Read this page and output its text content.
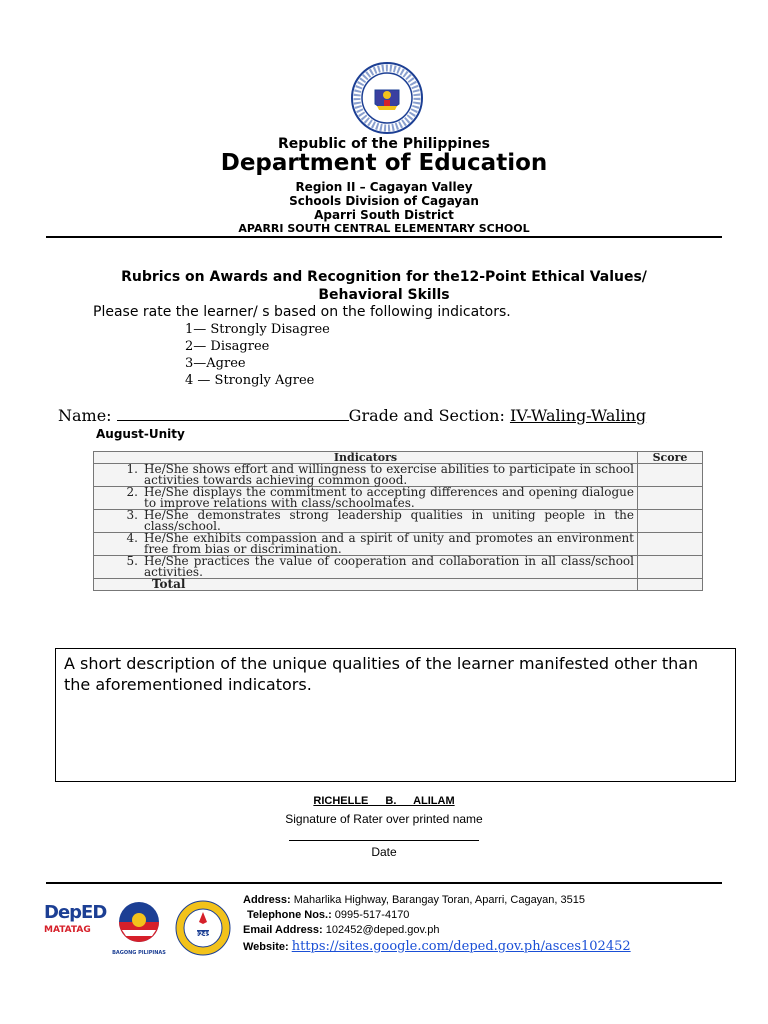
Republic of the Philippines
Department of Education
Region II – Cagayan Valley
Schools Division of Cagayan
Aparri South District
APARRI SOUTH CENTRAL ELEMENTARY SCHOOL
Rubrics on Awards and Recognition for the12-Point Ethical Values/
Behavioral Skills
Please rate the learner/ s based on the following indicators.
1— Strongly Disagree
2— Disagree
3—Agree
4 — Strongly Agree
Name:	Grade and Section: IV-Waling-Waling
August-Unity
Indicators		Score
1.	He/She shows effort and willingness to exercise abilities to participate in school activities towards achieving common good.	
2.	He/She displays the commitment to accepting differences and opening dialogue to improve relations with class/schoolmates.	
3.	He/She demonstrates strong leadership qualities in uniting people in the class/school.	
4.	He/She exhibits compassion and a spirit of unity and promotes an environment free from bias or discrimination.	
5.	He/She practices the value of cooperation and collaboration in all class/school activities.	
Total		
A short description of the unique qualities of the learner manifested other than the aforementioned indicators.
RICHELLE B. ALILAM
Signature of Rater over printed name
Date
DepED
MATATAG
BAGONG PILIPINAS
102452
Address: Maharlika Highway, Barangay Toran, Aparri, Cagayan, 3515
Telephone Nos.: 0995-517-4170
Email Address: 102452@deped.gov.ph
Website: https://sites.google.com/deped.gov.ph/asces102452
